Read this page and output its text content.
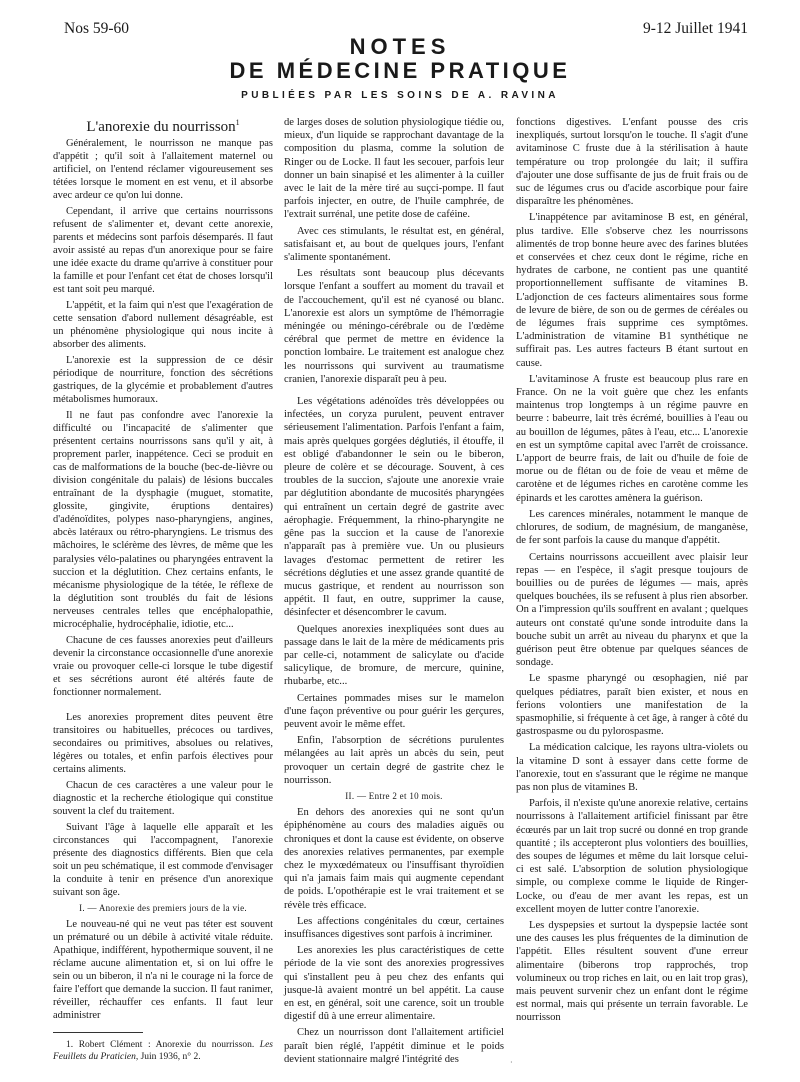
Nos 59-60	9-12 Juillet 1941
NOTES
DE MÉDECINE PRATIQUE
PUBLIÉES PAR LES SOINS DE A. RAVINA

L'anorexie du nourrisson$^1$

Généralement, le nourrisson ne manque pas d'appétit ; qu'il soit à l'allaitement maternel ou artificiel, on l'entend réclamer vigoureusement ses tétées lorsque le moment en est venu, et il absorbe avec ardeur ce qu'on lui donne.

Cependant, il arrive que certains nourrissons refusent de s'alimenter et, devant cette anorexie, parents et médecins sont parfois désemparés. Il faut avoir assisté au repas d'un anorexique pour se faire une idée exacte du drame qu'arrive à constituer pour la famille et pour l'enfant cet état de choses lorsqu'il est tant soit peu marqué.

L'appétit, et la faim qui n'est que l'exagération de cette sensation d'abord nullement désagréable, est un phénomène physiologique qui nous incite à absorber des aliments.

L'anorexie est la suppression de ce désir périodique de nourriture, fonction des sécrétions gastriques, de la glycémie et probablement d'autres métabolismes humoraux.

Il ne faut pas confondre avec l'anorexie la difficulté ou l'incapacité de s'alimenter que présentent certains nourrissons sans qu'il y ait, à proprement parler, inappétence. Ceci se produit en cas de malformations de la bouche (bec-de-lièvre ou division congénitale du palais) de lésions buccales entraînant de la dysphagie (muguet, stomatite, glossite, gingivite, éruptions dentaires) d'adénoïdites, polypes naso-pharyngiens, angines, abcès latéraux ou rétro-pharyngiens. Le trismus des mâchoires, le sclérème des lèvres, de même que les paralysies vélo-palatines ou pharyngées entravent la succion et la déglutition. Chez certains enfants, le mécanisme physiologique de la tétée, le réflexe de la déglutition sont troublés du fait de lésions nerveuses centrales telles que encéphalopathie, microcéphalie, hydrocéphalie, idiotie, etc...

Chacune de ces fausses anorexies peut d'ailleurs devenir la circonstance occasionnelle d'une anorexie vraie ou provoquer celle-ci lorsque le tube digestif et ses sécrétions auront été altérés faute de fonctionner normalement.

Les anorexies proprement dites peuvent être transitoires ou habituelles, précoces ou tardives, secondaires ou primitives, absolues ou relatives, légères ou totales, et enfin parfois électives pour certains aliments.

Chacun de ces caractères a une valeur pour le diagnostic et la recherche étiologique qui constitue souvent la clef du traitement.

Suivant l'âge à laquelle elle apparaît et les circonstances qui l'accompagnent, l'anorexie présente des diagnostics différents. Bien que cela soit un peu schématique, il est commode d'envisager la conduite à tenir en présence d'un anorexique suivant son âge.

I. — Anorexie des premiers jours de la vie.

Le nouveau-né qui ne veut pas téter est souvent un prématuré ou un débile à activité vitale réduite. Apathique, indifférent, hypothermique souvent, il ne réclame aucune alimentation et, si on lui offre le sein ou un biberon, il n'a ni le courage ni la force de faire l'effort que demande la succion. Il faut ranimer, réveiller, réchauffer ces enfants. Il faut leur administrer

1. Robert Clément : Anorexie du nourrisson. Les Feuillets du Praticien, Juin 1936, n° 2.

de larges doses de solution physiologique tiédie ou, mieux, d'un liquide se rapprochant davantage de la composition du plasma, comme la solution de Ringer ou de Locke. Il faut les secouer, parfois leur donner un bain sinapisé et les alimenter à la cuiller avec le lait de la mère tiré au suçci-pompe. Il faut parfois injecter, en outre, de l'huile camphrée, de l'extrait surrénal, une petite dose de caféine.

Avec ces stimulants, le résultat est, en général, satisfaisant et, au bout de quelques jours, l'enfant s'alimente spontanément.

Les résultats sont beaucoup plus décevants lorsque l'enfant a souffert au moment du travail et de l'accouchement, qu'il est né cyanosé ou blanc. L'anorexie est alors un symptôme de l'hémorragie méningée ou méningo-cérébrale ou de l'œdème cérébral que permet de mettre en évidence la ponction lombaire. Le traitement est analogue chez les nourrissons qui survivent au traumatisme cranien, l'anorexie disparaît peu à peu.

Les végétations adénoïdes très développées ou infectées, un coryza purulent, peuvent entraver sérieusement l'alimentation. Parfois l'enfant a faim, mais après quelques gorgées déglutiés, il étouffe, il est obligé d'abandonner le sein ou le biberon, pleure de colère et se décourage. Souvent, à ces troubles de la succion, s'ajoute une anorexie vraie par déglutition abondante de mucosités pharyngées qui entraînent un certain degré de gastrite avec aérophagie. Fréquemment, la rhino-pharyngite ne gêne pas la succion et la cause de l'anorexie n'apparaît pas à première vue. Un ou plusieurs lavages d'estomac permettent de retirer les sécrétions dégluties et une assez grande quantité de mucus gastrique, et rendent au nourrisson son appétit. Il faut, en outre, supprimer la cause, désinfecter et désencombrer le cavum.

Quelques anorexies inexpliquées sont dues au passage dans le lait de la mère de médicaments pris par celle-ci, notamment de salicylate ou d'acide salicylique, de bromure, de mercure, quinine, rhubarbe, etc...

Certaines pommades mises sur le mamelon d'une façon préventive ou pour guérir les gerçures, peuvent avoir le même effet.

Enfin, l'absorption de sécrétions purulentes mélangées au lait après un abcès du sein, peut provoquer un certain degré de gastrite chez le nourrisson.

II. — Entre 2 et 10 mois.

En dehors des anorexies qui ne sont qu'un épiphénomène au cours des maladies aiguës ou chroniques et dont la cause est évidente, on observe des anorexies relatives permanentes, par exemple chez le myxœdémateux ou l'insuffisant thyroïdien qui n'a jamais faim mais qui augmente cependant de poids. L'opothérapie est le vrai traitement et se révèle très efficace.

Les affections congénitales du cœur, certaines insuffisances digestives sont parfois à incriminer.

Les anorexies les plus caractéristiques de cette période de la vie sont des anorexies progressives qui s'installent peu à peu chez des enfants qui jusque-là avaient montré un bel appétit. La cause en est, en général, soit une carence, soit un trouble digestif dû à une erreur alimentaire.

Chez un nourrisson dont l'allaitement artificiel paraît bien réglé, l'appétit diminue et le poids devient stationnaire malgré l'intégrité des

fonctions digestives. L'enfant pousse des cris inexpliqués, surtout lorsqu'on le touche. Il s'agit d'une avitaminose C fruste due à la stérilisation à haute température ou trop prolongée du lait; il suffira d'ajouter une dose suffisante de jus de fruit frais ou de suc de légumes crus ou d'acide ascorbique pour faire disparaître les phénomènes.

L'inappétence par avitaminose B est, en général, plus tardive. Elle s'observe chez les nourrissons alimentés de trop bonne heure avec des farines blutées et conservées et chez ceux dont le régime, riche en hydrates de carbone, ne contient pas une quantité proportionnellement suffisante de vitamines B. L'adjonction de ces facteurs alimentaires sous forme de levure de bière, de son ou de germes de céréales ou de légumes frais supprime ces symptômes. L'administration de vitamine B1 synthétique ne suffirait pas. Les autres facteurs B étant surtout en cause.

L'avitaminose A fruste est beaucoup plus rare en France. On ne la voit guère que chez les enfants maintenus trop longtemps à un régime pauvre en beurre : babeurre, lait très écrémé, bouillies à l'eau ou au bouillon de légumes, pâtes à l'eau, etc... L'anorexie en est un symptôme capital avec l'arrêt de croissance. L'apport de beurre frais, de lait ou d'huile de foie de morue ou de flétan ou de foie de veau et même de carotène et de légumes riches en carotène comme les épinards et les carottes amènera la guérison.

Les carences minérales, notamment le manque de chlorures, de sodium, de magnésium, de manganèse, de fer sont parfois la cause du manque d'appétit.

Certains nourrissons accueillent avec plaisir leur repas — en l'espèce, il s'agit presque toujours de bouillies ou de purées de légumes — mais, après quelques bouchées, ils se refusent à plus rien absorber. On a l'impression qu'ils souffrent en avalant ; quelques auteurs ont constaté qu'une sonde introduite dans la bouche subit un arrêt au niveau du pharynx et que la guérison peut être obtenue par quelques séances de sondage.

Le spasme pharyngé ou œsophagien, nié par quelques pédiatres, paraît bien exister, et nous en ferions volontiers une manifestation de la spasmophilie, si fréquente à cet âge, à ranger à côté du gastrospasme ou du pylorospasme.

La médication calcique, les rayons ultra-violets ou la vitamine D sont à essayer dans cette forme de l'anorexie, tout en s'assurant que le régime ne manque pas non plus de vitamines B.

Parfois, il n'existe qu'une anorexie relative, certains nourrissons à l'allaitement artificiel finissant par être écœurés par un lait trop sucré ou donné en trop grande quantité ; ils accepteront plus volontiers des bouillies, des soupes de légumes et même du lait lorsque celui-ci est salé. L'absorption de solution physiologique simple, ou complexe comme le liquide de Ringer-Locke, ou d'eau de mer avant les repas, est un excellent moyen de lutter contre l'anorexie.

Les dyspepsies et surtout la dyspepsie lactée sont une des causes les plus fréquentes de la diminution de l'appétit. Elles résultent souvent d'une erreur alimentaire (biberons trop rapprochés, trop volumineux ou trop riches en lait, ou en lait trop gras), mais peuvent survenir chez un enfant dont le régime est normal, mais qui présente un terrain favorable. Le nourrisson

·
